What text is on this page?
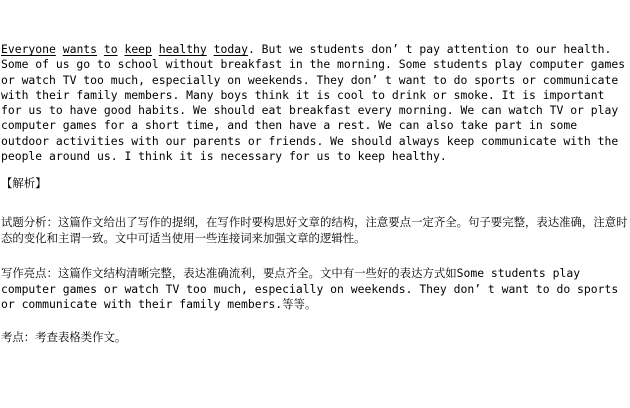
Everyone wants to keep healthy today. But we students don’ t pay attention to our health. Some of us go to school without breakfast in the morning. Some students play computer games or watch TV too much, especially on weekends. They don’ t want to do sports or communicate with their family members. Many boys think it is cool to drink or smoke. It is important for us to have good habits. We should eat breakfast every morning. We can watch TV or play computer games for a short time, and then have a rest. We can also take part in some outdoor activities with our parents or friends. We should always keep communicate with the people around us. I think it is necessary for us to keep healthy.

【解析】

试题分析：这篇作文给出了写作的提纲，在写作时要构思好文章的结构，注意要点一定齐全。句子要完整，表达准确，注意时态的变化和主谓一致。文中可适当使用一些连接词来加强文章的逻辑性。

写作亮点：这篇作文结构清晰完整，表达准确流利，要点齐全。文中有一些好的表达方式如Some students play computer games or watch TV too much, especially on weekends. They don’ t want to do sports or communicate with their family members.等等。

考点：考查表格类作文。
